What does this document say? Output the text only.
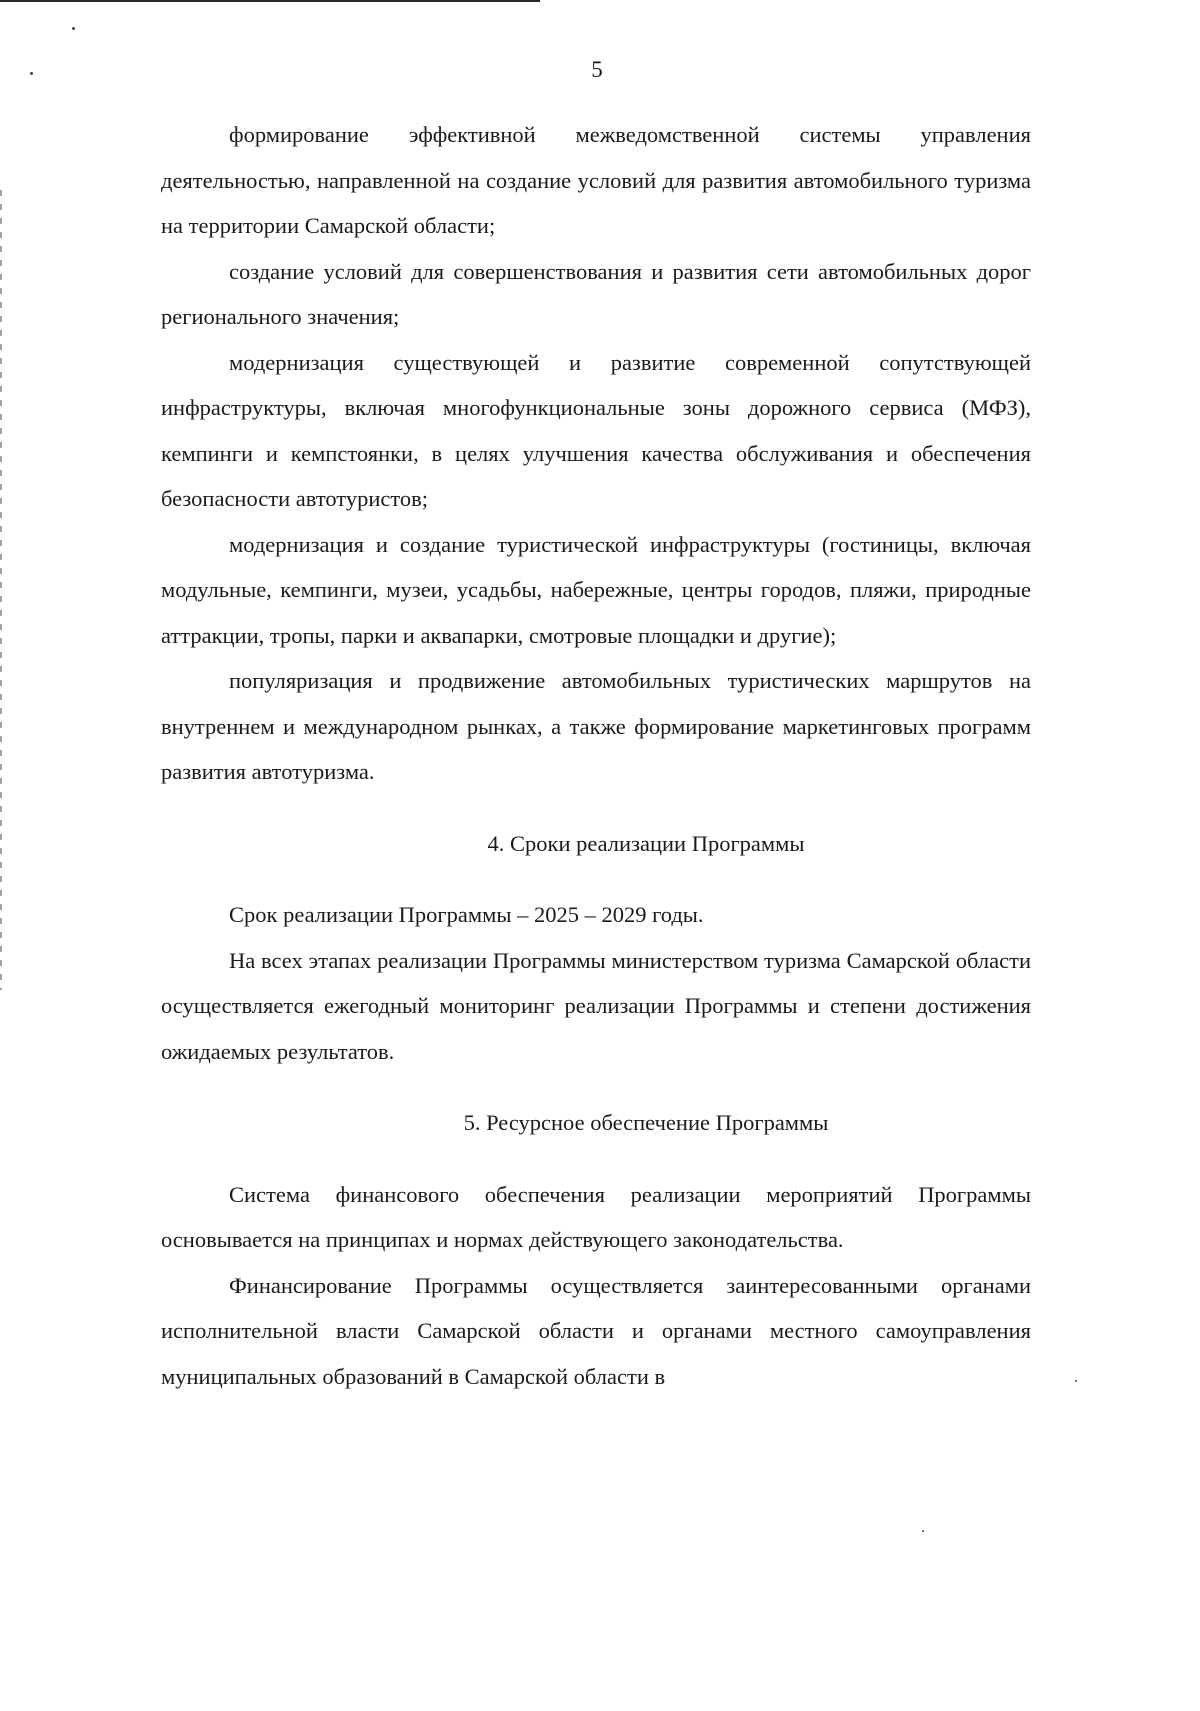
5

формирование эффективной межведомственной системы управления деятельностью, направленной на создание условий для развития автомобильного туризма на территории Самарской области;

создание условий для совершенствования и развития сети автомобильных дорог регионального значения;

модернизация существующей и развитие современной сопутствующей инфраструктуры, включая многофункциональные зоны дорожного сервиса (МФЗ), кемпинги и кемпстоянки, в целях улучшения качества обслуживания и обеспечения безопасности автотуристов;

модернизация и создание туристической инфраструктуры (гостиницы, включая модульные, кемпинги, музеи, усадьбы, набережные, центры городов, пляжи, природные аттракции, тропы, парки и аквапарки, смотровые площадки и другие);

популяризация и продвижение автомобильных туристических маршрутов на внутреннем и международном рынках, а также формирование маркетинговых программ развития автотуризма.

4. Сроки реализации Программы

Срок реализации Программы – 2025 – 2029 годы.

На всех этапах реализации Программы министерством туризма Самарской области осуществляется ежегодный мониторинг реализации Программы и степени достижения ожидаемых результатов.

5. Ресурсное обеспечение Программы

Система финансового обеспечения реализации мероприятий Программы основывается на принципах и нормах действующего законодательства.

Финансирование Программы осуществляется заинтересованными органами исполнительной власти Самарской области и органами местного самоуправления муниципальных образований в Самарской области в
